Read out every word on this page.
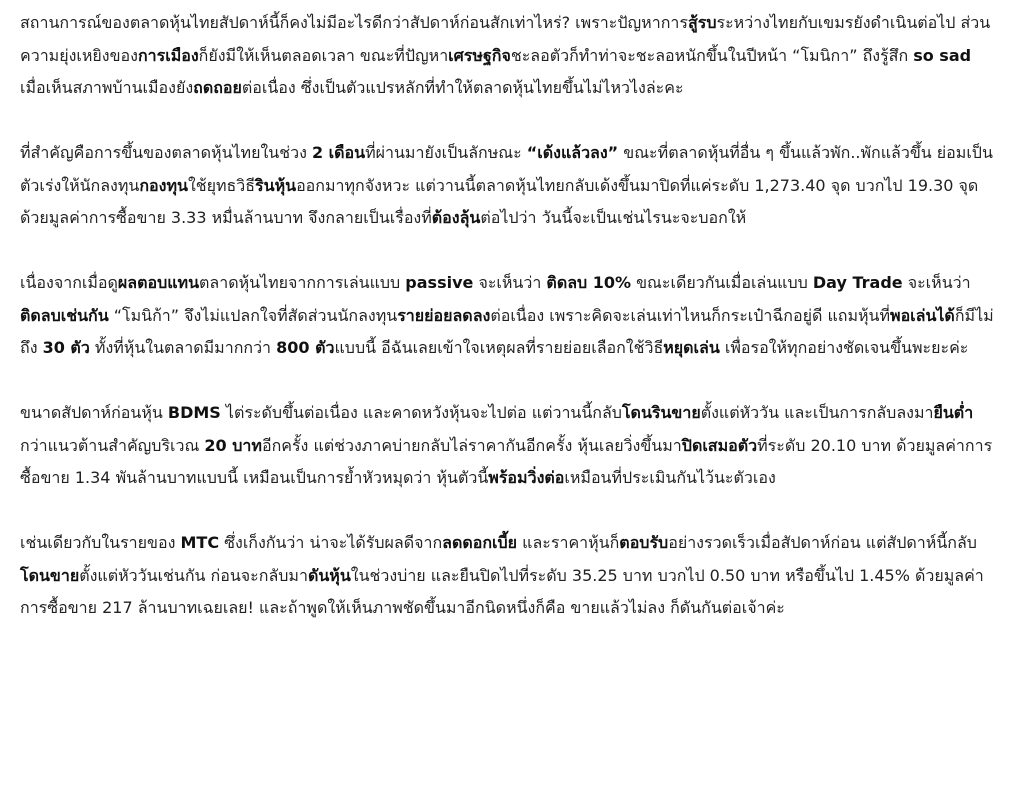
สถานการณ์ของตลาดหุ้นไทยสัปดาห์นี้ก็คงไม่มีอะไรดีกว่าสัปดาห์ก่อนสักเท่าไหร่? เพราะปัญหาการสู้รบระหว่างไทยกับเขมรยังดำเนินต่อไป ส่วนความยุ่งเหยิงของการเมืองก็ยังมีให้เห็นตลอดเวลา ขณะที่ปัญหาเศรษฐกิจชะลอตัวก็ทำท่าจะชะลอหนักขึ้นในปีหน้า “โมนิกา” ถึงรู้สึก so sad เมื่อเห็นสภาพบ้านเมืองยังถดถอยต่อเนื่อง ซึ่งเป็นตัวแปรหลักที่ทำให้ตลาดหุ้นไทยขึ้นไม่ไหวไงล่ะคะ

ที่สำคัญคือการขึ้นของตลาดหุ้นไทยในช่วง 2 เดือนที่ผ่านมายังเป็นลักษณะ “เด้งแล้วลง” ขณะที่ตลาดหุ้นที่อื่น ๆ ขึ้นแล้วพัก..พักแล้วขึ้น ย่อมเป็นตัวเร่งให้นักลงทุนกองทุนใช้ยุทธวิธีรินหุ้นออกมาทุกจังหวะ แต่วานนี้ตลาดหุ้นไทยกลับเด้งขึ้นมาปิดที่แค่ระดับ 1,273.40 จุด บวกไป 19.30 จุด ด้วยมูลค่าการซื้อขาย 3.33 หมื่นล้านบาท จึงกลายเป็นเรื่องที่ต้องลุ้นต่อไปว่า วันนี้จะเป็นเช่นไรนะจะบอกให้

เนื่องจากเมื่อดูผลตอบแทนตลาดหุ้นไทยจากการเล่นแบบ passive จะเห็นว่า ติดลบ 10% ขณะเดียวกันเมื่อเล่นแบบ Day Trade จะเห็นว่า ติดลบเช่นกัน “โมนิก้า” จึงไม่แปลกใจที่สัดส่วนนักลงทุนรายย่อยลดลงต่อเนื่อง เพราะคิดจะเล่นเท่าไหนก็กระเป๋าฉีกอยู่ดี แถมหุ้นที่พอเล่นได้ก็มีไม่ถึง 30 ตัว ทั้งที่หุ้นในตลาดมีมากกว่า 800 ตัวแบบนี้ อีฉันเลยเข้าใจเหตุผลที่รายย่อยเลือกใช้วิธีหยุดเล่น เพื่อรอให้ทุกอย่างชัดเจนขึ้นพะยะค่ะ

ขนาดสัปดาห์ก่อนหุ้น BDMS ไต่ระดับขึ้นต่อเนื่อง และคาดหวังหุ้นจะไปต่อ แต่วานนี้กลับโดนรินขายตั้งแต่หัววัน และเป็นการกลับลงมายืนต่ำกว่าแนวต้านสำคัญบริเวณ 20 บาทอีกครั้ง แต่ช่วงภาคบ่ายกลับไล่ราคากันอีกครั้ง หุ้นเลยวิ่งขึ้นมาปิดเสมอตัวที่ระดับ 20.10 บาท ด้วยมูลค่าการซื้อขาย 1.34 พันล้านบาทแบบนี้ เหมือนเป็นการย้ำหัวหมุดว่า หุ้นตัวนี้พร้อมวิ่งต่อเหมือนที่ประเมินกันไว้นะตัวเอง

เช่นเดียวกับในรายของ MTC ซึ่งเก็งกันว่า น่าจะได้รับผลดีจากลดดอกเบี้ย และราคาหุ้นก็ตอบรับอย่างรวดเร็วเมื่อสัปดาห์ก่อน แต่สัปดาห์นี้กลับโดนขายตั้งแต่หัววันเช่นกัน ก่อนจะกลับมาดันหุ้นในช่วงบ่าย และยืนปิดไปที่ระดับ 35.25 บาท บวกไป 0.50 บาท หรือขึ้นไป 1.45% ด้วยมูลค่าการซื้อขาย 217 ล้านบาทเฉยเลย! และถ้าพูดให้เห็นภาพชัดขึ้นมาอีกนิดหนึ่งก็คือ ขายแล้วไม่ลง ก็ดันกันต่อเจ้าค่ะ
